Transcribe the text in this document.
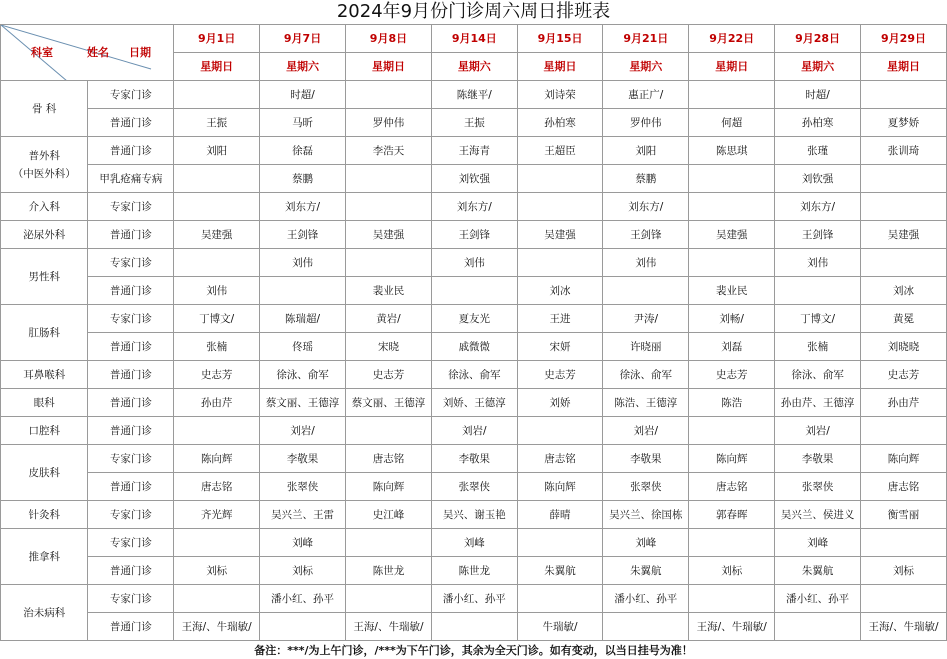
2024年9月份门诊周六周日排班表
科室 姓名 日期		9月1日	9月7日	9月8日	9月14日	9月15日	9月21日	9月22日	9月28日	9月29日
		星期日	星期六	星期日	星期六	星期日	星期六	星期日	星期六	星期日
骨 科	专家门诊		时超/		陈继平/	刘诗荣	惠正广/		时超/	
	普通门诊	王振	马昕	罗仲伟	王振	孙柏寒	罗仲伟	何超	孙柏寒	夏梦娇
普外科
（中医外科）	普通门诊	刘阳	徐磊	李浩天	王海青	王超臣	刘阳	陈思琪	张瑾	张训琦
	甲乳疮痛专病		蔡鹏		刘钦强		蔡鹏		刘钦强	
介入科	专家门诊		刘东方/		刘东方/		刘东方/		刘东方/	
泌尿外科	普通门诊	吴建强	王剑锋	吴建强	王剑锋	吴建强	王剑锋	吴建强	王剑锋	吴建强
男性科	专家门诊		刘伟		刘伟		刘伟		刘伟	
	普通门诊	刘伟		裴业民		刘冰		裴业民		刘冰
肛肠科	专家门诊	丁博文/	陈瑞超/	黄岩/	夏友光	王进	尹涛/	刘畅/	丁博文/	黄冕
	普通门诊	张楠	佟瑶	宋晓	戚微微	宋妍	许晓丽	刘磊	张楠	刘晓晓
耳鼻喉科	普通门诊	史志芳	徐泳、俞军	史志芳	徐泳、俞军	史志芳	徐泳、俞军	史志芳	徐泳、俞军	史志芳
眼科	普通门诊	孙由芹	蔡文丽、王德淳	蔡文丽、王德淳	刘娇、王德淳	刘娇	陈浩、王德淳	陈浩	孙由芹、王德淳	孙由芹
口腔科	普通门诊		刘岩/		刘岩/		刘岩/		刘岩/	
皮肤科	专家门诊	陈向辉	李敬果	唐志铭	李敬果	唐志铭	李敬果	陈向辉	李敬果	陈向辉
	普通门诊	唐志铭	张翠侠	陈向辉	张翠侠	陈向辉	张翠侠	唐志铭	张翠侠	唐志铭
针灸科	专家门诊	齐光辉	吴兴兰、王雷	史江峰	吴兴、谢玉艳	薛晴	吴兴兰、徐国栋	郭春晖	吴兴兰、侯进义	衡雪丽
推拿科	专家门诊		刘峰		刘峰		刘峰		刘峰	
	普通门诊	刘标	刘标	陈世龙	陈世龙	朱翼航	朱翼航	刘标	朱翼航	刘标
治未病科	专家门诊		潘小红、孙平		潘小红、孙平		潘小红、孙平		潘小红、孙平	
	普通门诊	王海/、牛瑞敏/		王海/、牛瑞敏/		牛瑞敏/		王海/、牛瑞敏/		王海/、牛瑞敏/
备注：***/为上午门诊，/***为下午门诊，其余为全天门诊。如有变动，以当日挂号为准！
